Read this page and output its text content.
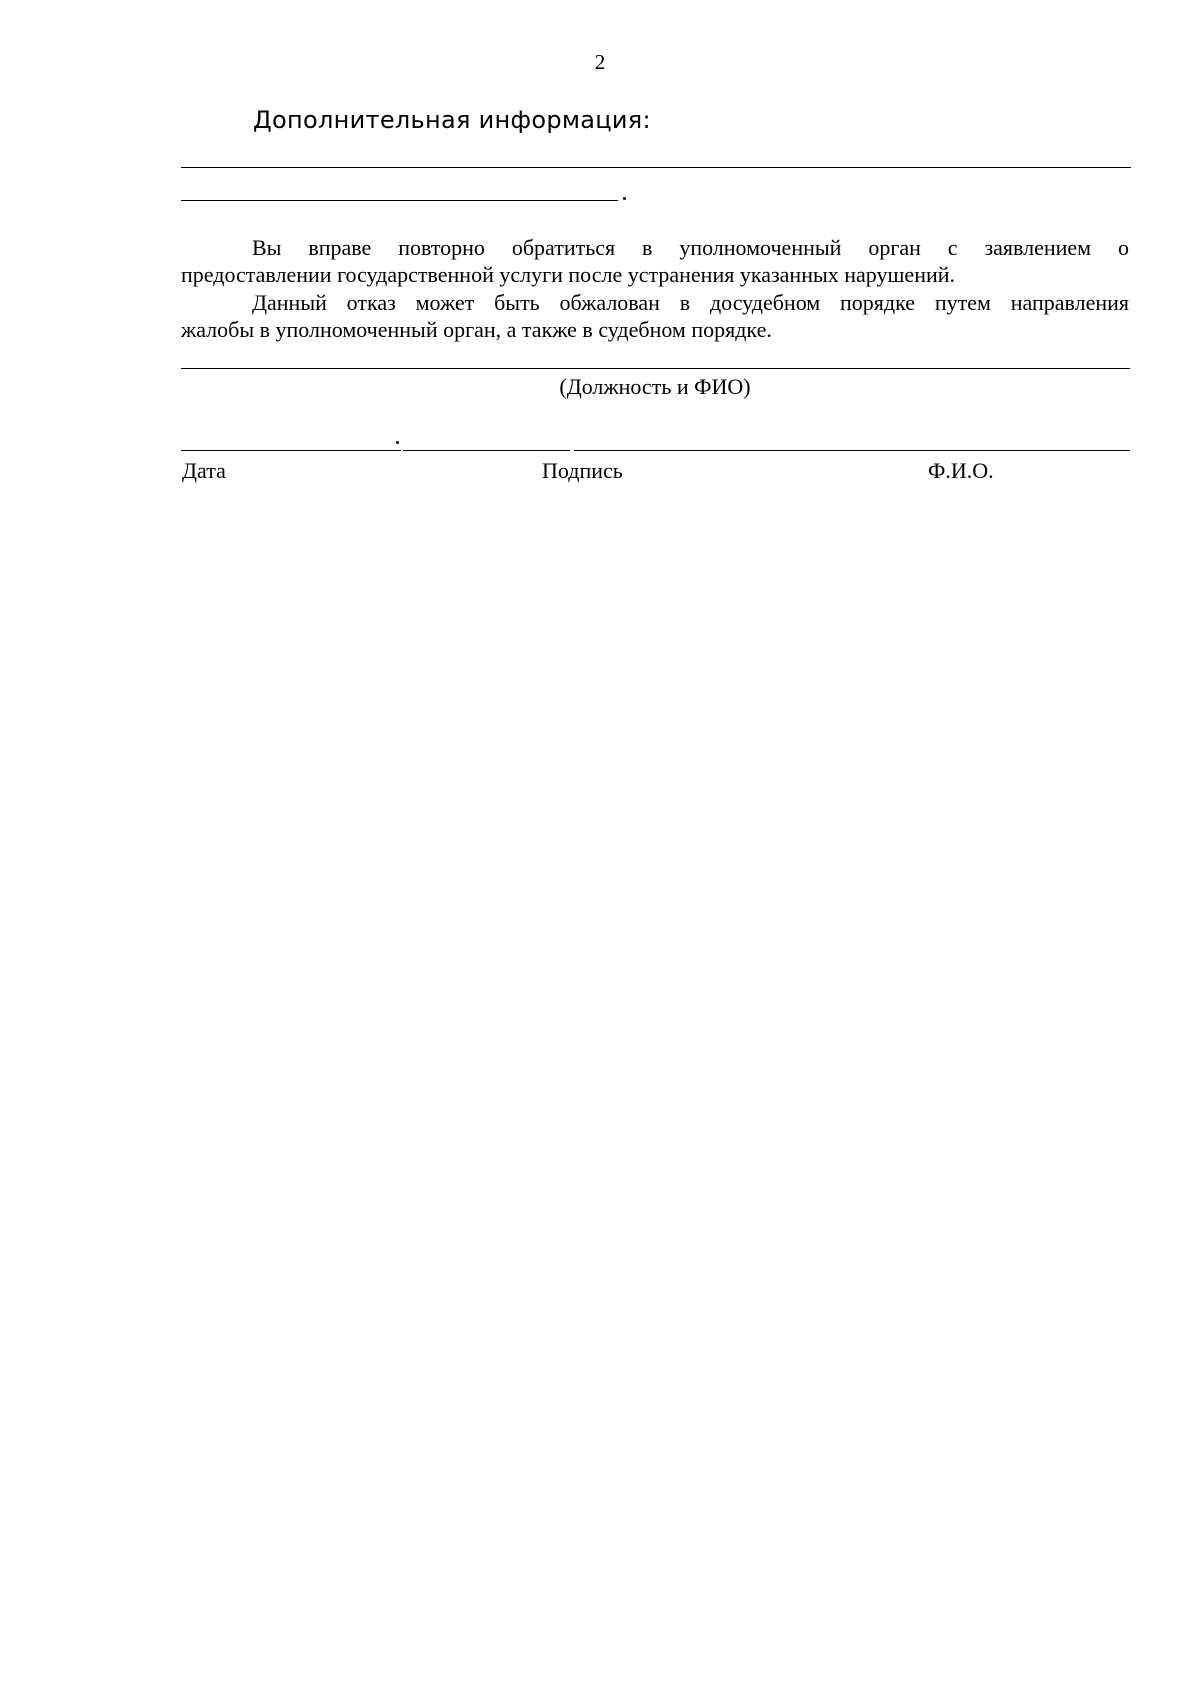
2
Дополнительная информация:
Вы вправе повторно обратиться в уполномоченный орган с заявлением о
предоставлении государственной услуги после устранения указанных нарушений.
Данный отказ может быть обжалован в досудебном порядке путем направления
жалобы в уполномоченный орган, а также в судебном порядке.
(Должность и ФИО)
Дата	Подпись	Ф.И.О.
